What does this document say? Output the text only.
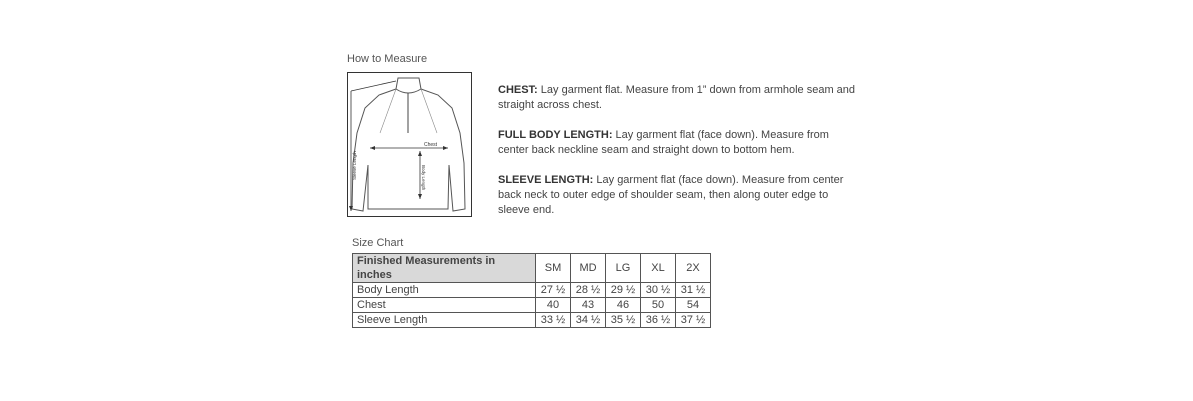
How to Measure
Chest
Body Length
Sleeve Length

CHEST: Lay garment flat. Measure from 1” down from armhole seam and straight across chest.

FULL BODY LENGTH: Lay garment flat (face down). Measure from center back neckline seam and straight down to bottom hem.

SLEEVE LENGTH: Lay garment flat (face down). Measure from center back neck to outer edge of shoulder seam, then along outer edge to sleeve end.

Size Chart
Finished Measurements in inches	SM	MD	LG	XL	2X
Body Length	27 ½	28 ½	29 ½	30 ½	31 ½
Chest	40	43	46	50	54
Sleeve Length	33 ½	34 ½	35 ½	36 ½	37 ½
